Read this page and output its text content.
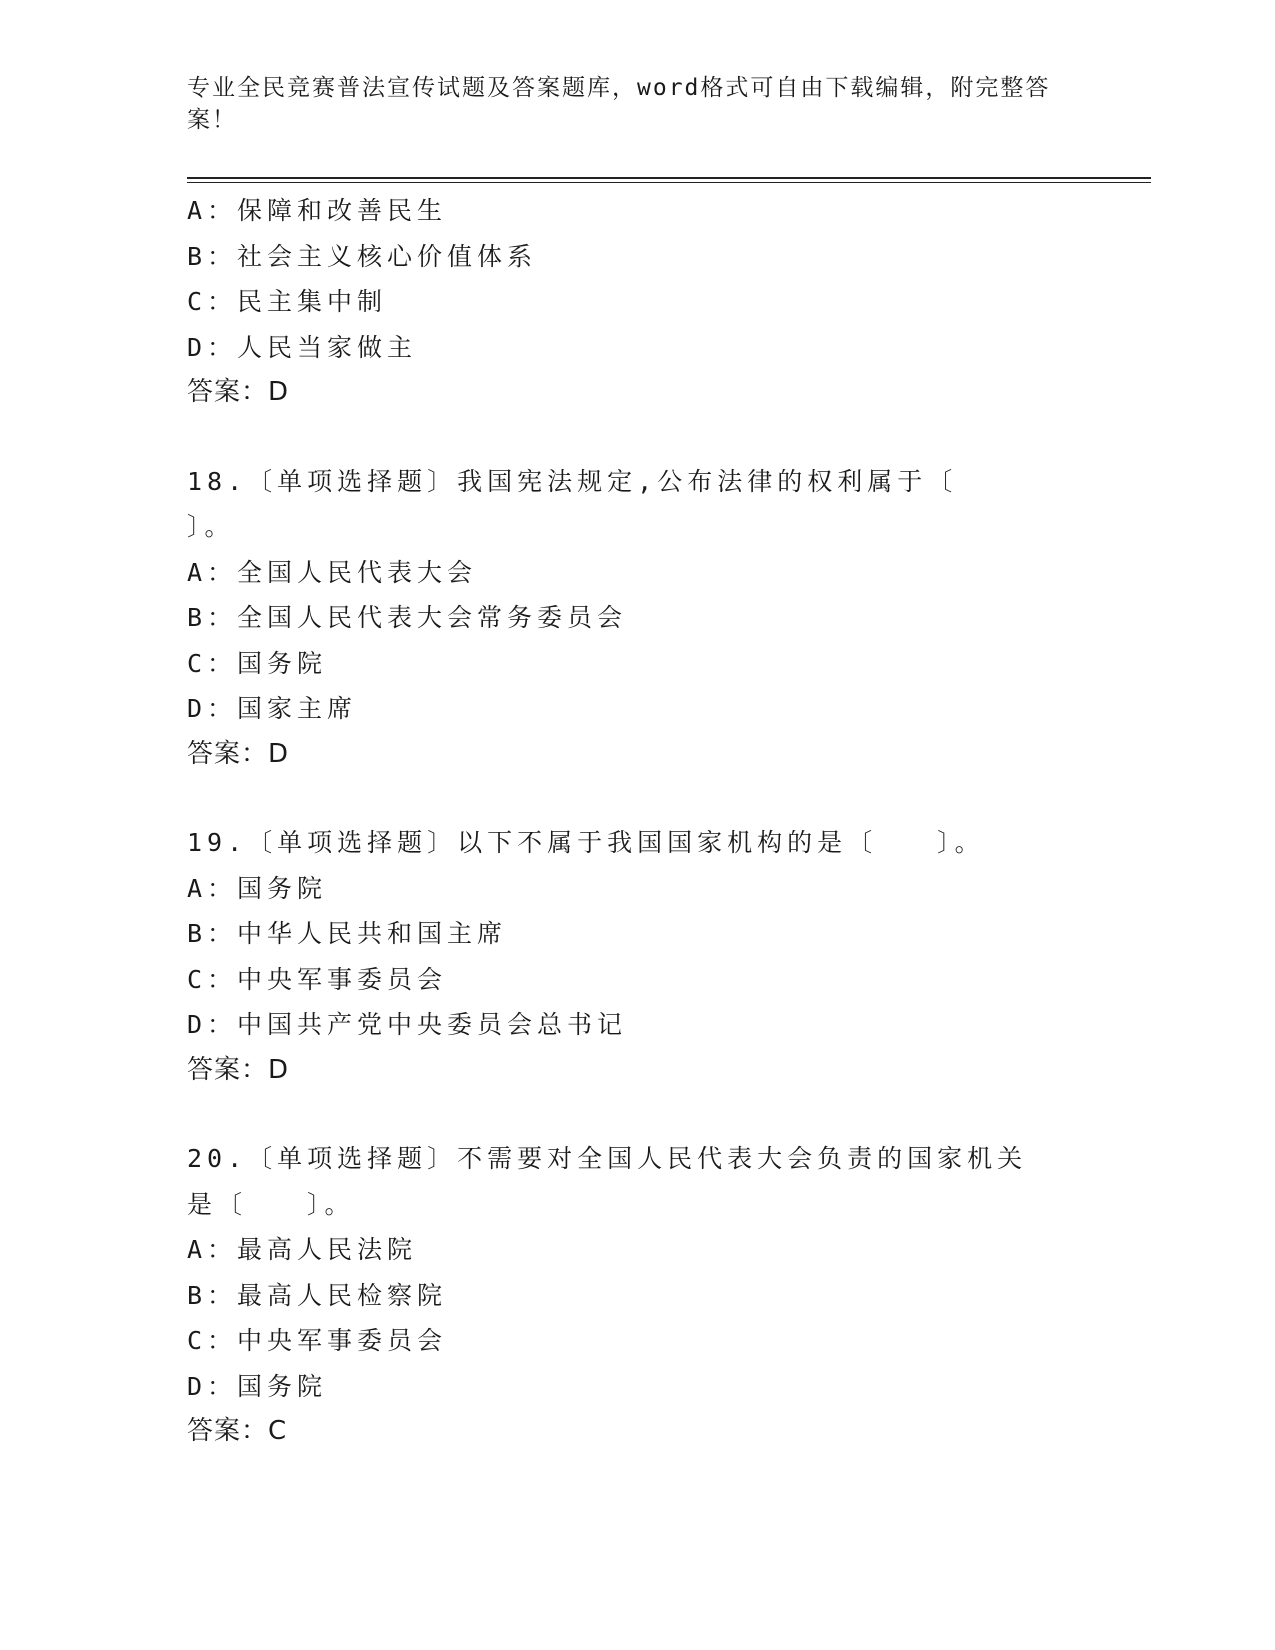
专业全民竞赛普法宣传试题及答案题库，word格式可自由下载编辑，附完整答案！
A：保障和改善民生
B：社会主义核心价值体系
C：民主集中制
D：人民当家做主
答案：D
18.〔单项选择题〕我国宪法规定,公布法律的权利属于〔　　〕。
A：全国人民代表大会
B：全国人民代表大会常务委员会
C：国务院
D：国家主席
答案：D
19.〔单项选择题〕以下不属于我国国家机构的是〔　　〕。
A：国务院
B：中华人民共和国主席
C：中央军事委员会
D：中国共产党中央委员会总书记
答案：D
20.〔单项选择题〕不需要对全国人民代表大会负责的国家机关是〔　　〕。
A：最高人民法院
B：最高人民检察院
C：中央军事委员会
D：国务院
答案：C
